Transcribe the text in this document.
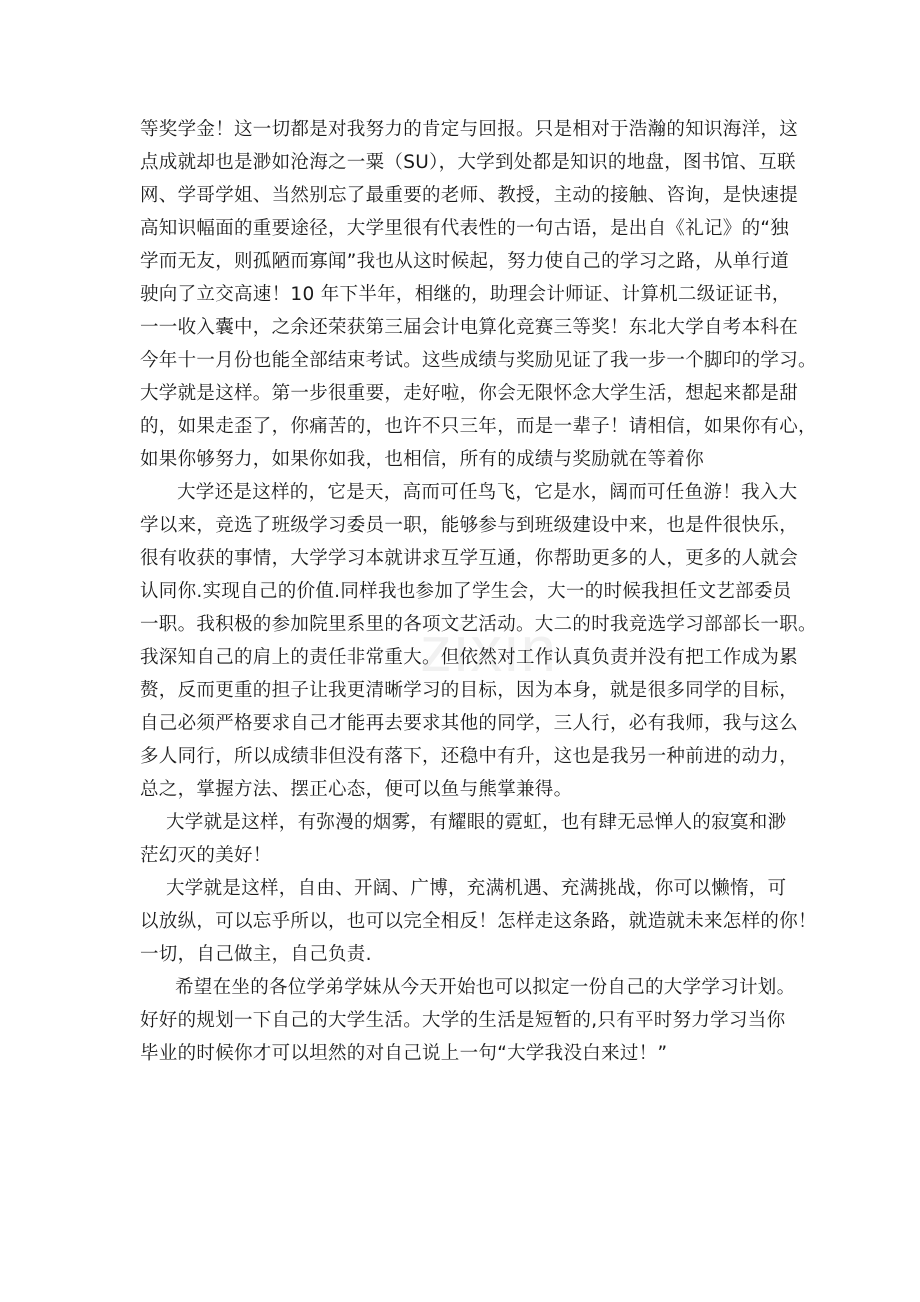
zixin
等奖学金！这一切都是对我努力的肯定与回报。只是相对于浩瀚的知识海洋，这
点成就却也是渺如沧海之一粟（SU），大学到处都是知识的地盘，图书馆、互联
网、学哥学姐、当然别忘了最重要的老师、教授，主动的接触、咨询，是快速提
高知识幅面的重要途径，大学里很有代表性的一句古语，是出自《礼记》的“独
学而无友，则孤陋而寡闻”我也从这时候起，努力使自己的学习之路，从单行道
驶向了立交高速！10 年下半年，相继的，助理会计师证、计算机二级证证书，
一一收入囊中，之余还荣获第三届会计电算化竞赛三等奖！东北大学自考本科在
今年十一月份也能全部结束考试。这些成绩与奖励见证了我一步一个脚印的学习。
大学就是这样。第一步很重要，走好啦，你会无限怀念大学生活，想起来都是甜
的，如果走歪了，你痛苦的，也许不只三年，而是一辈子！请相信，如果你有心，
如果你够努力，如果你如我，也相信，所有的成绩与奖励就在等着你
大学还是这样的，它是天，高而可任鸟飞，它是水，阔而可任鱼游！我入大
学以来，竞选了班级学习委员一职，能够参与到班级建设中来，也是件很快乐，
很有收获的事情，大学学习本就讲求互学互通，你帮助更多的人，更多的人就会
认同你.实现自己的价值.同样我也参加了学生会，大一的时候我担任文艺部委员
一职。我积极的参加院里系里的各项文艺活动。大二的时我竞选学习部部长一职。
我深知自己的肩上的责任非常重大。但依然对工作认真负责并没有把工作成为累
赘，反而更重的担子让我更清晰学习的目标，因为本身，就是很多同学的目标，
自己必须严格要求自己才能再去要求其他的同学，三人行，必有我师，我与这么
多人同行，所以成绩非但没有落下，还稳中有升，这也是我另一种前进的动力，
总之，掌握方法、摆正心态，便可以鱼与熊掌兼得。
大学就是这样，有弥漫的烟雾，有耀眼的霓虹，也有肆无忌惮人的寂寞和渺
茫幻灭的美好！
大学就是这样，自由、开阔、广博，充满机遇、充满挑战，你可以懒惰，可
以放纵，可以忘乎所以，也可以完全相反！怎样走这条路，就造就未来怎样的你！
一切，自己做主，自己负责.
希望在坐的各位学弟学妹从今天开始也可以拟定一份自己的大学学习计划。
好好的规划一下自己的大学生活。大学的生活是短暂的,只有平时努力学习当你
毕业的时候你才可以坦然的对自己说上一句“大学我没白来过！”
